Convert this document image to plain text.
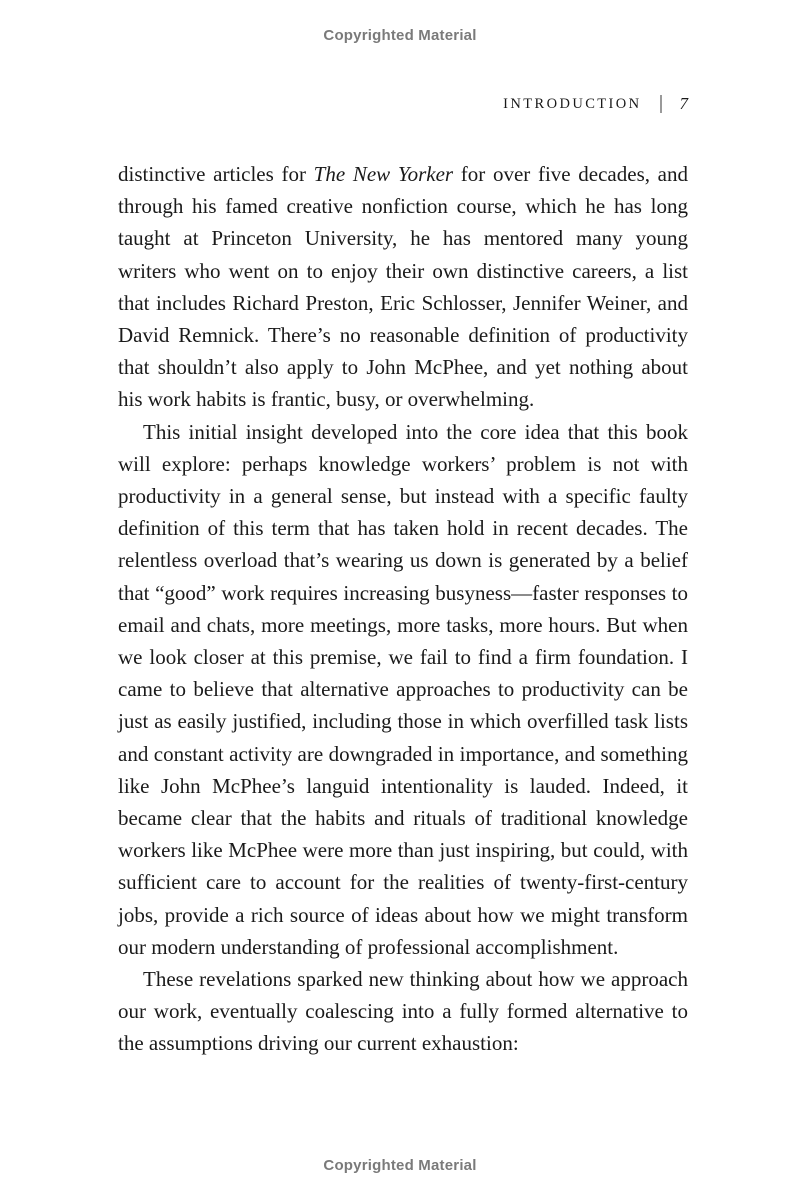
Copyrighted Material
INTRODUCTION 7

distinctive articles for The New Yorker for over five decades, and through his famed creative nonfiction course, which he has long taught at Princeton University, he has mentored many young writers who went on to enjoy their own distinctive careers, a list that includes Richard Preston, Eric Schlosser, Jennifer Weiner, and David Remnick. There’s no reasonable definition of productivity that shouldn’t also apply to John McPhee, and yet nothing about his work habits is frantic, busy, or overwhelming.

This initial insight developed into the core idea that this book will explore: perhaps knowledge workers’ problem is not with productivity in a general sense, but instead with a specific faulty definition of this term that has taken hold in recent decades. The relentless overload that’s wearing us down is generated by a belief that “good” work requires increasing busyness—faster responses to email and chats, more meetings, more tasks, more hours. But when we look closer at this premise, we fail to find a firm foundation. I came to believe that alternative approaches to productivity can be just as easily justified, including those in which overfilled task lists and constant activity are downgraded in importance, and something like John McPhee’s languid intentionality is lauded. Indeed, it became clear that the habits and rituals of traditional knowledge workers like McPhee were more than just inspiring, but could, with sufficient care to account for the realities of twenty-first-century jobs, provide a rich source of ideas about how we might transform our modern understanding of professional accomplishment.

These revelations sparked new thinking about how we approach our work, eventually coalescing into a fully formed alternative to the assumptions driving our current exhaustion:

Copyrighted Material
